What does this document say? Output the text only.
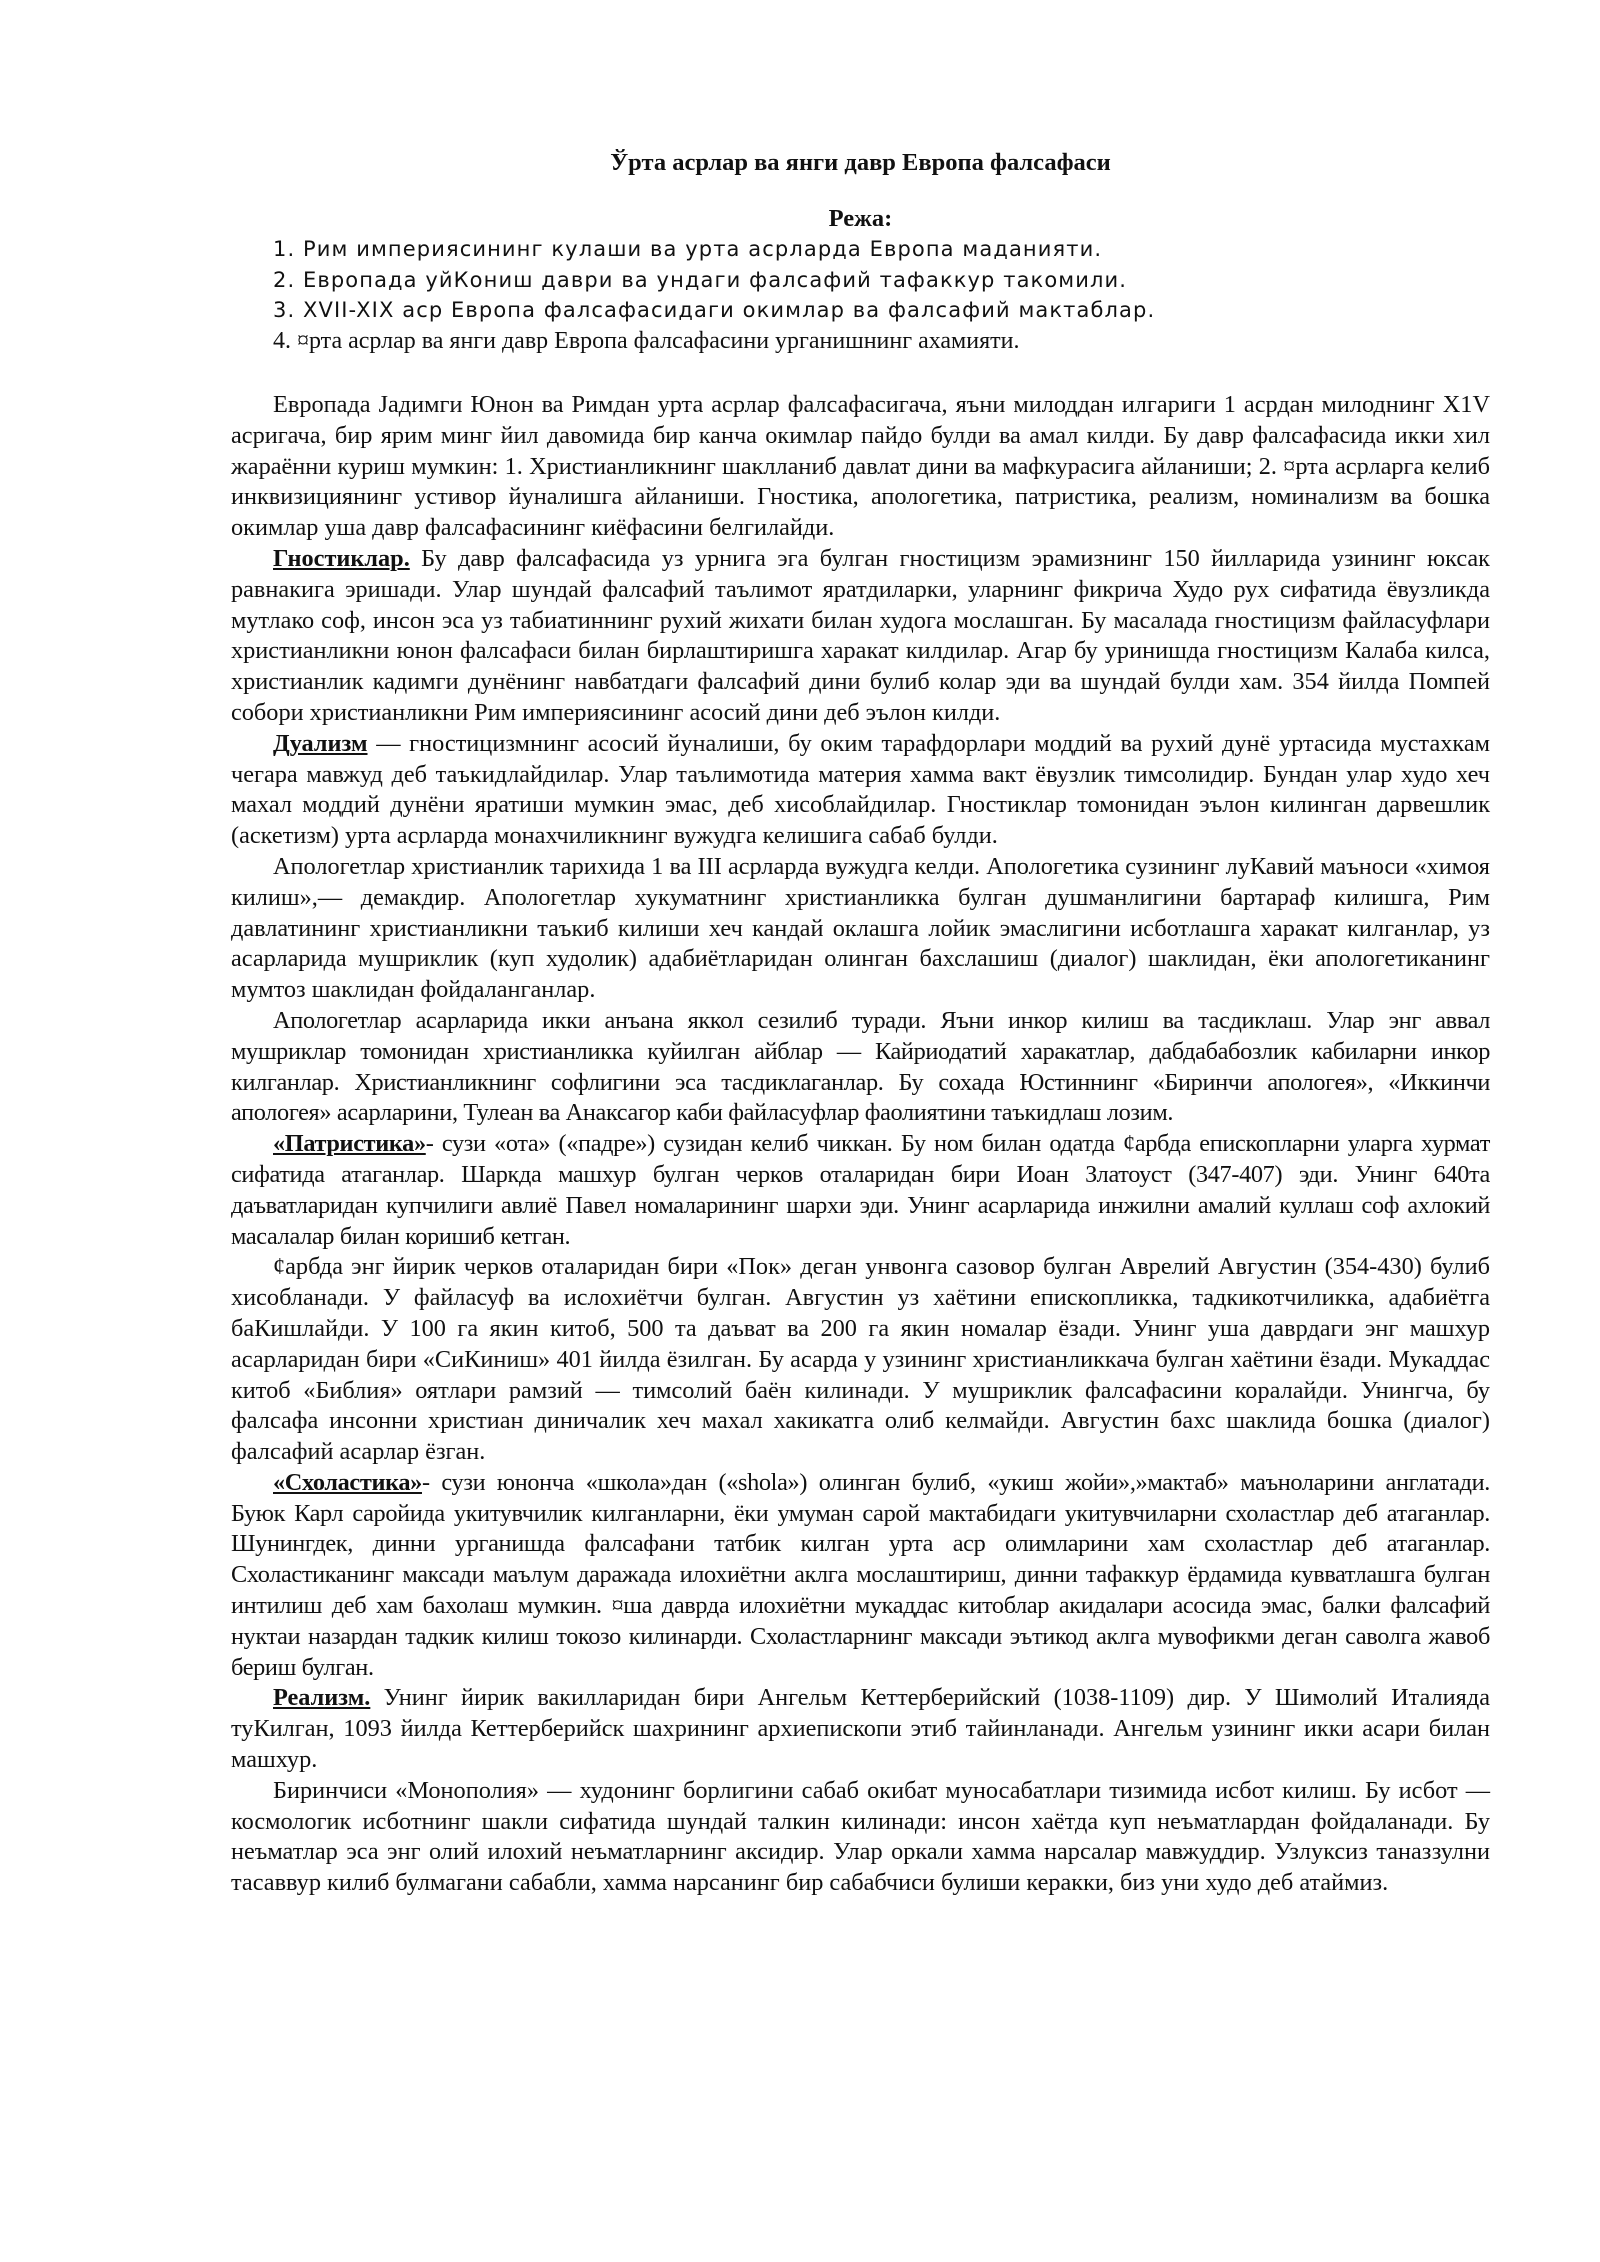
Ўрта асрлар ва янги давр Европа фалсафаси
Режа:
1. Рим империясининг кулаши ва урта асрларда Европа маданияти.
2. Европада уйКониш даври ва ундаги фалсафий тафаккур такомили.
3. XVII-XIX аср Европа фалсафасидаги окимлар ва фалсафий мактаблар.
4. ¤рта асрлар ва янги давр Европа фалсафасини урганишнинг ахамияти.

Европада Јадимги Юнон ва Римдан урта асрлар фалсафасигача, яъни милоддан илгариги 1 асрдан милоднинг X1V асригача, бир ярим минг йил давомида бир канча окимлар пайдо булди ва амал килди. Бу давр фалсафасида икки хил жараённи куриш мумкин: 1. Христианликнинг шаклланиб давлат дини ва мафкурасига айланиши; 2. ¤рта асрларга келиб инквизициянинг устивор йуналишга айланиши. Гностика, апологетика, патристика, реализм, номинализм ва бошка окимлар уша давр фалсафасининг киёфасини белгилайди.

Гностиклар. Бу давр фалсафасида уз урнига эга булган гностицизм эрамизнинг 150 йилларида узининг юксак равнакига эришади. Улар шундай фалсафий таълимот яратдиларки, уларнинг фикрича Худо рух сифатида ёвузликда мутлако соф, инсон эса уз табиатиннинг рухий жихати билан худога мослашган. Бу масалада гностицизм файласуфлари христианликни юнон фалсафаси билан бирлаштиришга харакат килдилар. Агар бу уринишда гностицизм Калаба килса, христианлик кадимги дунёнинг навбатдаги фалсафий дини булиб колар эди ва шундай булди хам. 354 йилда Помпей собори христианликни Рим империясининг асосий дини деб эълон килди.

Дуализм — гностицизмнинг асосий йуналиши, бу оким тарафдорлари моддий ва рухий дунё уртасида мустахкам чегара мавжуд деб таъкидлайдилар. Улар таълимотида материя хамма вакт ёвузлик тимсолидир. Бундан улар худо хеч махал моддий дунёни яратиши мумкин эмас, деб хисоблайдилар. Гностиклар томонидан эълон килинган дарвешлик (аскетизм) урта асрларда монахчиликнинг вужудга келишига сабаб булди.

Апологетлар христианлик тарихида 1 ва III асрларда вужудга келди. Апологетика сузининг луКавий маъноси «химоя килиш»,— демакдир. Апологетлар хукуматнинг христианликка булган душманлигини бартараф килишга, Рим давлатининг христианликни таъкиб килиши хеч кандай оклашга лойик эмаслигини исботлашга харакат килганлар, уз асарларида мушриклик (куп худолик) адабиётларидан олинган бахслашиш (диалог) шаклидан, ёки апологетиканинг мумтоз шаклидан фойдаланганлар.

Апологетлар асарларида икки анъана яккол сезилиб туради. Яъни инкор килиш ва тасдиклаш. Улар энг аввал мушриклар томонидан христианликка куйилган айблар — Кайриодатий харакатлар, дабдабабозлик кабиларни инкор килганлар. Христианликнинг софлигини эса тасдиклаганлар. Бу сохада Юстиннинг «Биринчи апологея», «Иккинчи апологея» асарларини, Тулеан ва Анаксагор каби файласуфлар фаолиятини таъкидлаш лозим.

«Патристика»- сузи «ота» («падре») сузидан келиб чиккан. Бу ном билан одатда ¢арбда епископларни уларга хурмат сифатида атаганлар. Шаркда машхур булган черков оталаридан бири Иоан Златоуст (347-407) эди. Унинг 640та даъватларидан купчилиги авлиё Павел номаларининг шархи эди. Унинг асарларида инжилни амалий куллаш соф ахлокий масалалар билан коришиб кетган.

¢арбда энг йирик черков оталаридан бири «Пок» деган унвонга сазовор булган Аврелий Августин (354-430) булиб хисобланади. У файласуф ва ислохиётчи булган. Августин уз хаётини епископликка, тадкикотчиликка, адабиётга баКишлайди. У 100 га якин китоб, 500 та даъват ва 200 га якин номалар ёзади. Унинг уша даврдаги энг машхур асарларидан бири «СиКиниш» 401 йилда ёзилган. Бу асарда у узининг христианликкача булган хаётини ёзади. Мукаддас китоб «Библия» оятлари рамзий — тимсолий баён килинади. У мушриклик фалсафасини коралайди. Унингча, бу фалсафа инсонни христиан диничалик хеч махал хакикатга олиб келмайди. Августин бахс шаклида бошка (диалог) фалсафий асарлар ёзган.

«Схоластика»- сузи юнонча «школа»дан («shola») олинган булиб, «укиш жойи»,»мактаб» маъноларини англатади. Буюк Карл саройида укитувчилик килганларни, ёки умуман сарой мактабидаги укитувчиларни схоластлар деб атаганлар. Шунингдек, динни урганишда фалсафани татбик килган урта аср олимларини хам схоластлар деб атаганлар. Схоластиканинг максади маълум даражада илохиётни аклга мослаштириш, динни тафаккур ёрдамида кувватлашга булган интилиш деб хам бахолаш мумкин. ¤ша даврда илохиётни мукаддас китоблар акидалари асосида эмас, балки фалсафий нуктаи назардан тадкик килиш токозо килинарди. Схоластларнинг максади эътикод аклга мувофикми деган саволга жавоб бериш булган.

Реализм. Унинг йирик вакилларидан бири Ангельм Кеттерберийский (1038-1109) дир. У Шимолий Италияда туКилган, 1093 йилда Кеттерберийск шахрининг архиепископи этиб тайинланади. Ангельм узининг икки асари билан машхур.

Биринчиси «Монополия» — худонинг борлигини сабаб окибат муносабатлари тизимида исбот килиш. Бу исбот — космологик исботнинг шакли сифатида шундай талкин килинади: инсон хаётда куп неъматлардан фойдаланади. Бу неъматлар эса энг олий илохий неъматларнинг аксидир. Улар оркали хамма нарсалар мавжуддир. Узлуксиз таназзулни тасаввур килиб булмагани сабабли, хамма нарсанинг бир сабабчиси булиши керакки, биз уни худо деб атаймиз.
